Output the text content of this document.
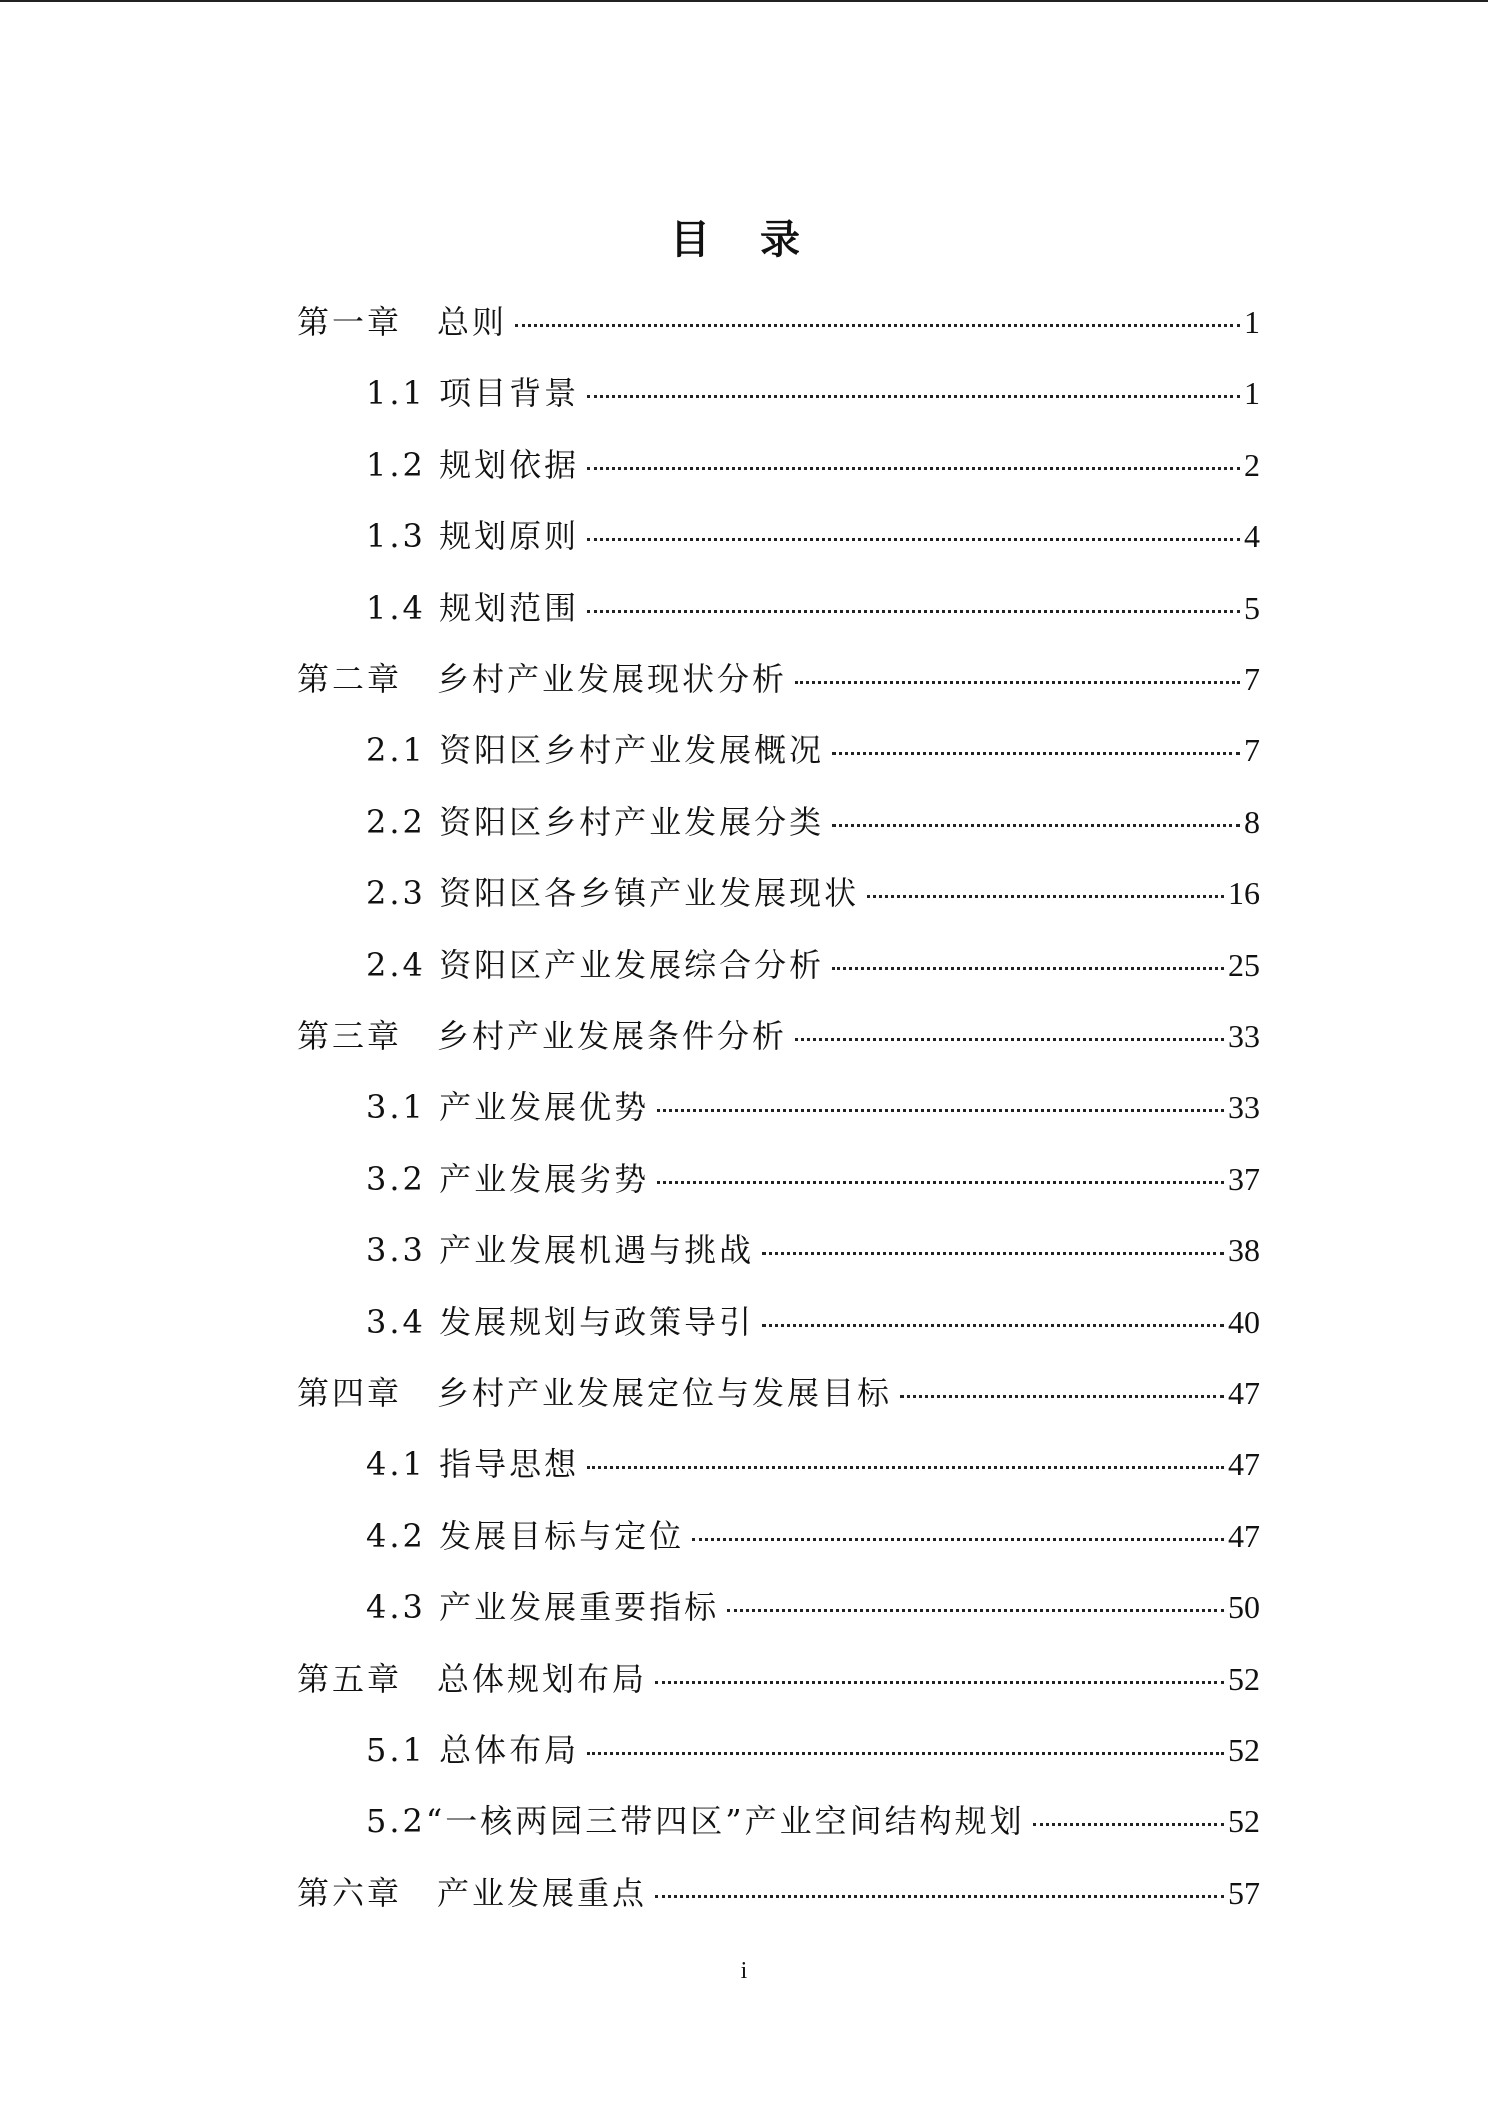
目 录
第一章　总则	1
1.1 项目背景	1
1.2 规划依据	2
1.3 规划原则	4
1.4 规划范围	5
第二章　乡村产业发展现状分析	7
2.1 资阳区乡村产业发展概况	7
2.2 资阳区乡村产业发展分类	8
2.3 资阳区各乡镇产业发展现状	16
2.4 资阳区产业发展综合分析	25
第三章　乡村产业发展条件分析	33
3.1 产业发展优势	33
3.2 产业发展劣势	37
3.3 产业发展机遇与挑战	38
3.4 发展规划与政策导引	40
第四章　乡村产业发展定位与发展目标	47
4.1 指导思想	47
4.2 发展目标与定位	47
4.3 产业发展重要指标	50
第五章　总体规划布局	52
5.1 总体布局	52
5.2“一核两园三带四区”产业空间结构规划	52
第六章　产业发展重点	57
i
